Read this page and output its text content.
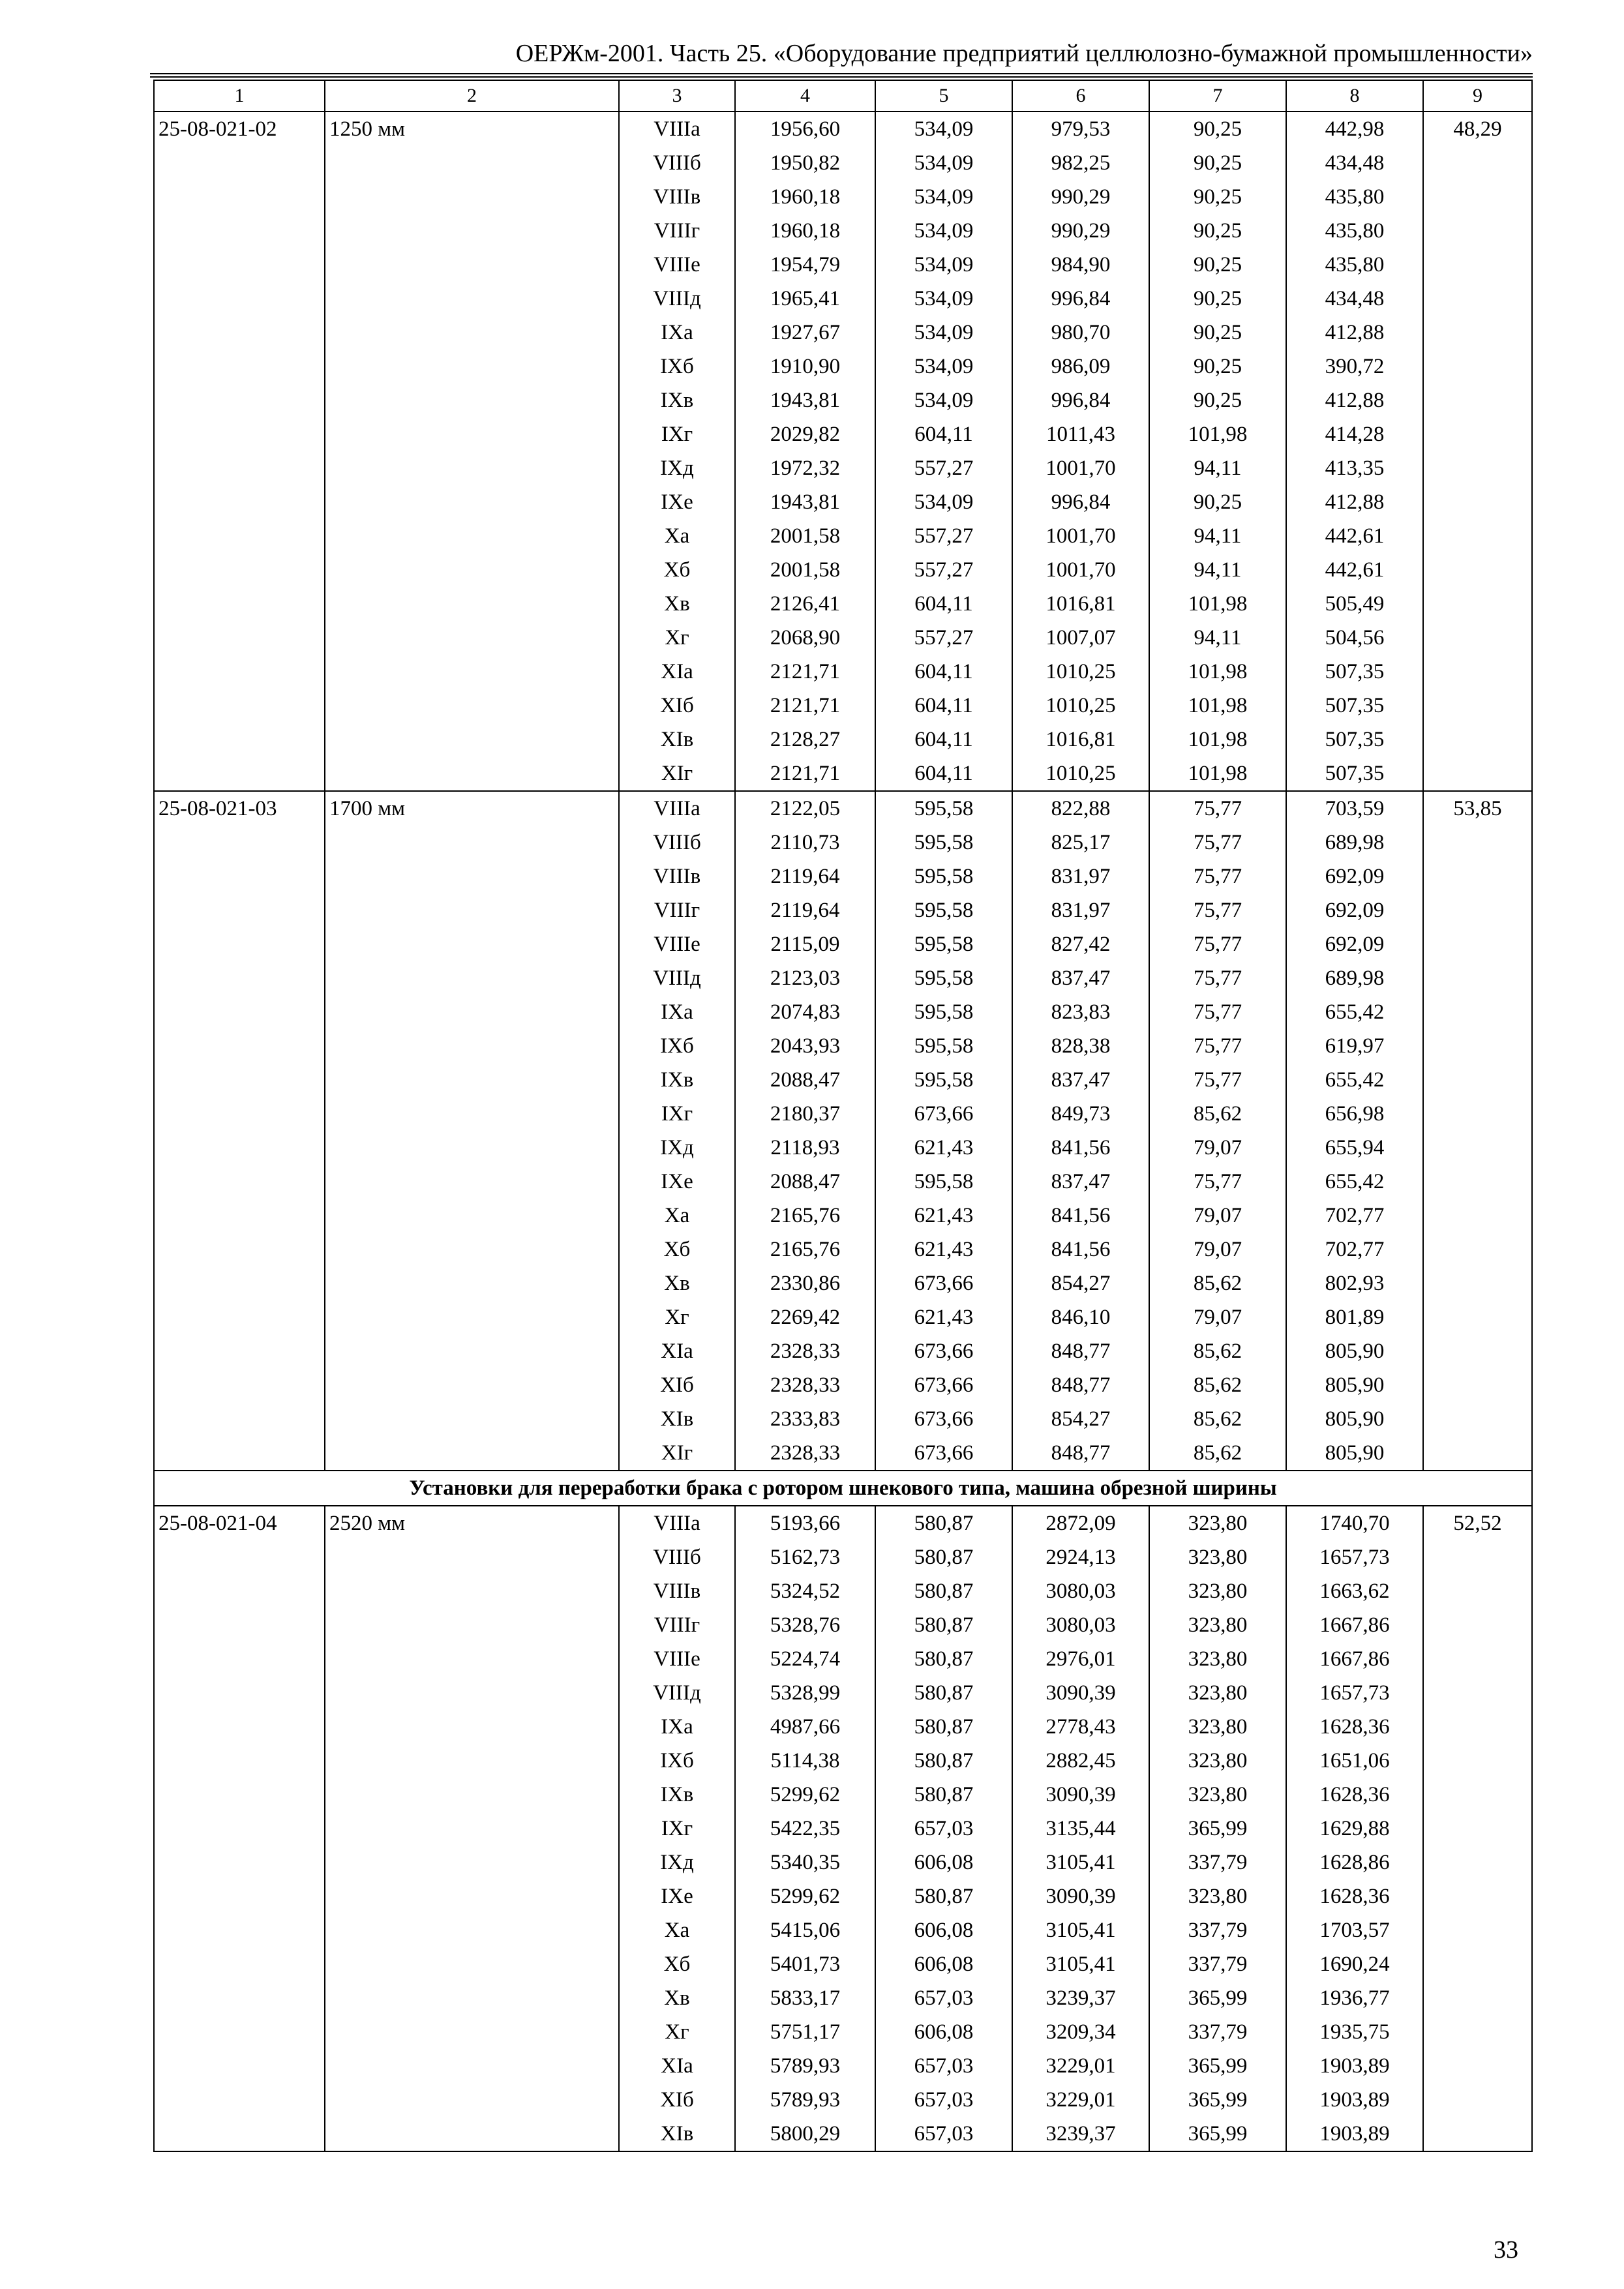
ОЕРЖм-2001. Часть 25. «Оборудование предприятий целлюлозно-бумажной промышленности»
1	2	3	4	5	6	7	8	9
25-08-021-02	1250 мм	VIIIа	1956,60	534,09	979,53	90,25	442,98	48,29
		VIIIб	1950,82	534,09	982,25	90,25	434,48	
		VIIIв	1960,18	534,09	990,29	90,25	435,80	
		VIIIг	1960,18	534,09	990,29	90,25	435,80	
		VIIIе	1954,79	534,09	984,90	90,25	435,80	
		VIIIд	1965,41	534,09	996,84	90,25	434,48	
		IXа	1927,67	534,09	980,70	90,25	412,88	
		IXб	1910,90	534,09	986,09	90,25	390,72	
		IXв	1943,81	534,09	996,84	90,25	412,88	
		IXг	2029,82	604,11	1011,43	101,98	414,28	
		IXд	1972,32	557,27	1001,70	94,11	413,35	
		IXе	1943,81	534,09	996,84	90,25	412,88	
		Xа	2001,58	557,27	1001,70	94,11	442,61	
		Xб	2001,58	557,27	1001,70	94,11	442,61	
		Xв	2126,41	604,11	1016,81	101,98	505,49	
		Xг	2068,90	557,27	1007,07	94,11	504,56	
		XIа	2121,71	604,11	1010,25	101,98	507,35	
		XIб	2121,71	604,11	1010,25	101,98	507,35	
		XIв	2128,27	604,11	1016,81	101,98	507,35	
		XIг	2121,71	604,11	1010,25	101,98	507,35	
25-08-021-03	1700 мм	VIIIа	2122,05	595,58	822,88	75,77	703,59	53,85
		VIIIб	2110,73	595,58	825,17	75,77	689,98	
		VIIIв	2119,64	595,58	831,97	75,77	692,09	
		VIIIг	2119,64	595,58	831,97	75,77	692,09	
		VIIIе	2115,09	595,58	827,42	75,77	692,09	
		VIIIд	2123,03	595,58	837,47	75,77	689,98	
		IXа	2074,83	595,58	823,83	75,77	655,42	
		IXб	2043,93	595,58	828,38	75,77	619,97	
		IXв	2088,47	595,58	837,47	75,77	655,42	
		IXг	2180,37	673,66	849,73	85,62	656,98	
		IXд	2118,93	621,43	841,56	79,07	655,94	
		IXе	2088,47	595,58	837,47	75,77	655,42	
		Xа	2165,76	621,43	841,56	79,07	702,77	
		Xб	2165,76	621,43	841,56	79,07	702,77	
		Xв	2330,86	673,66	854,27	85,62	802,93	
		Xг	2269,42	621,43	846,10	79,07	801,89	
		XIа	2328,33	673,66	848,77	85,62	805,90	
		XIб	2328,33	673,66	848,77	85,62	805,90	
		XIв	2333,83	673,66	854,27	85,62	805,90	
		XIг	2328,33	673,66	848,77	85,62	805,90	
Установки для переработки брака с ротором шнекового типа, машина обрезной ширины								
25-08-021-04	2520 мм	VIIIа	5193,66	580,87	2872,09	323,80	1740,70	52,52
		VIIIб	5162,73	580,87	2924,13	323,80	1657,73	
		VIIIв	5324,52	580,87	3080,03	323,80	1663,62	
		VIIIг	5328,76	580,87	3080,03	323,80	1667,86	
		VIIIе	5224,74	580,87	2976,01	323,80	1667,86	
		VIIIд	5328,99	580,87	3090,39	323,80	1657,73	
		IXа	4987,66	580,87	2778,43	323,80	1628,36	
		IXб	5114,38	580,87	2882,45	323,80	1651,06	
		IXв	5299,62	580,87	3090,39	323,80	1628,36	
		IXг	5422,35	657,03	3135,44	365,99	1629,88	
		IXд	5340,35	606,08	3105,41	337,79	1628,86	
		IXе	5299,62	580,87	3090,39	323,80	1628,36	
		Xа	5415,06	606,08	3105,41	337,79	1703,57	
		Xб	5401,73	606,08	3105,41	337,79	1690,24	
		Xв	5833,17	657,03	3239,37	365,99	1936,77	
		Xг	5751,17	606,08	3209,34	337,79	1935,75	
		XIа	5789,93	657,03	3229,01	365,99	1903,89	
		XIб	5789,93	657,03	3229,01	365,99	1903,89	
		XIв	5800,29	657,03	3239,37	365,99	1903,89	
33
